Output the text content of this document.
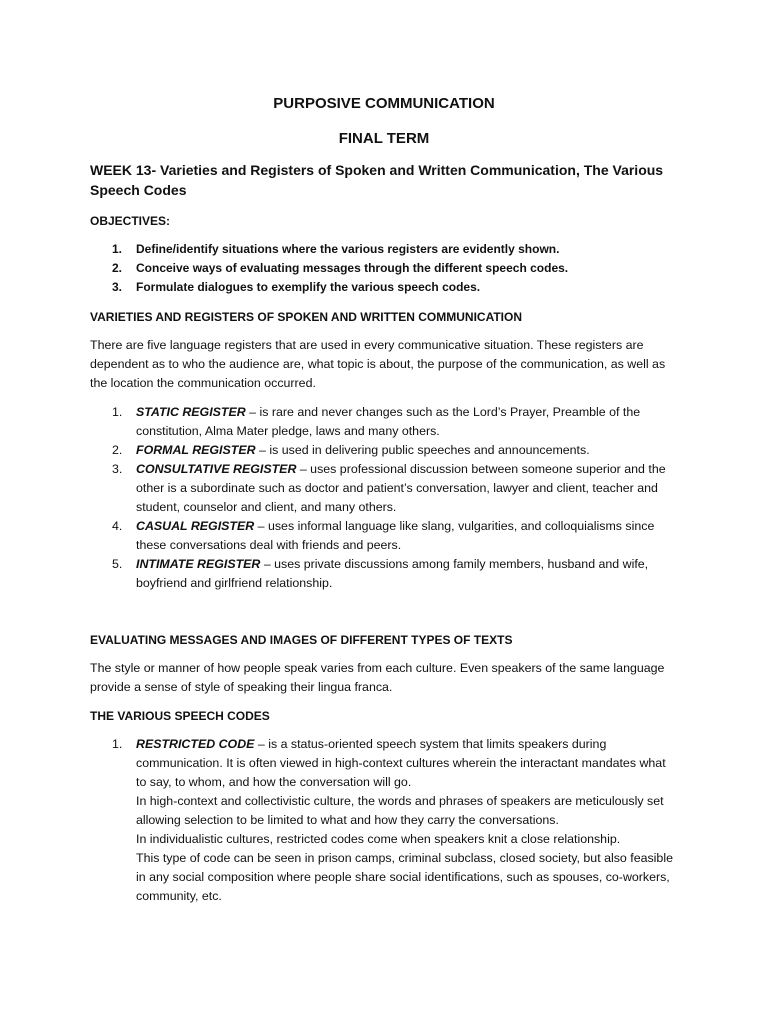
PURPOSIVE COMMUNICATION

FINAL TERM

WEEK 13- Varieties and Registers of Spoken and Written Communication, The Various Speech Codes

OBJECTIVES:

1. Define/identify situations where the various registers are evidently shown.
2. Conceive ways of evaluating messages through the different speech codes.
3. Formulate dialogues to exemplify the various speech codes.

VARIETIES AND REGISTERS OF SPOKEN AND WRITTEN COMMUNICATION

There are five language registers that are used in every communicative situation. These registers are dependent as to who the audience are, what topic is about, the purpose of the communication, as well as the location the communication occurred.

1. STATIC REGISTER – is rare and never changes such as the Lord’s Prayer, Preamble of the constitution, Alma Mater pledge, laws and many others.
2. FORMAL REGISTER – is used in delivering public speeches and announcements.
3. CONSULTATIVE REGISTER – uses professional discussion between someone superior and the other is a subordinate such as doctor and patient’s conversation, lawyer and client, teacher and student, counselor and client, and many others.
4. CASUAL REGISTER – uses informal language like slang, vulgarities, and colloquialisms since these conversations deal with friends and peers.
5. INTIMATE REGISTER – uses private discussions among family members, husband and wife, boyfriend and girlfriend relationship.

EVALUATING MESSAGES AND IMAGES OF DIFFERENT TYPES OF TEXTS

The style or manner of how people speak varies from each culture. Even speakers of the same language provide a sense of style of speaking their lingua franca.

THE VARIOUS SPEECH CODES

1. RESTRICTED CODE – is a status-oriented speech system that limits speakers during communication. It is often viewed in high-context cultures wherein the interactant mandates what to say, to whom, and how the conversation will go.
In high-context and collectivistic culture, the words and phrases of speakers are meticulously set allowing selection to be limited to what and how they carry the conversations.
In individualistic cultures, restricted codes come when speakers knit a close relationship.
This type of code can be seen in prison camps, criminal subclass, closed society, but also feasible in any social composition where people share social identifications, such as spouses, co-workers, community, etc.
